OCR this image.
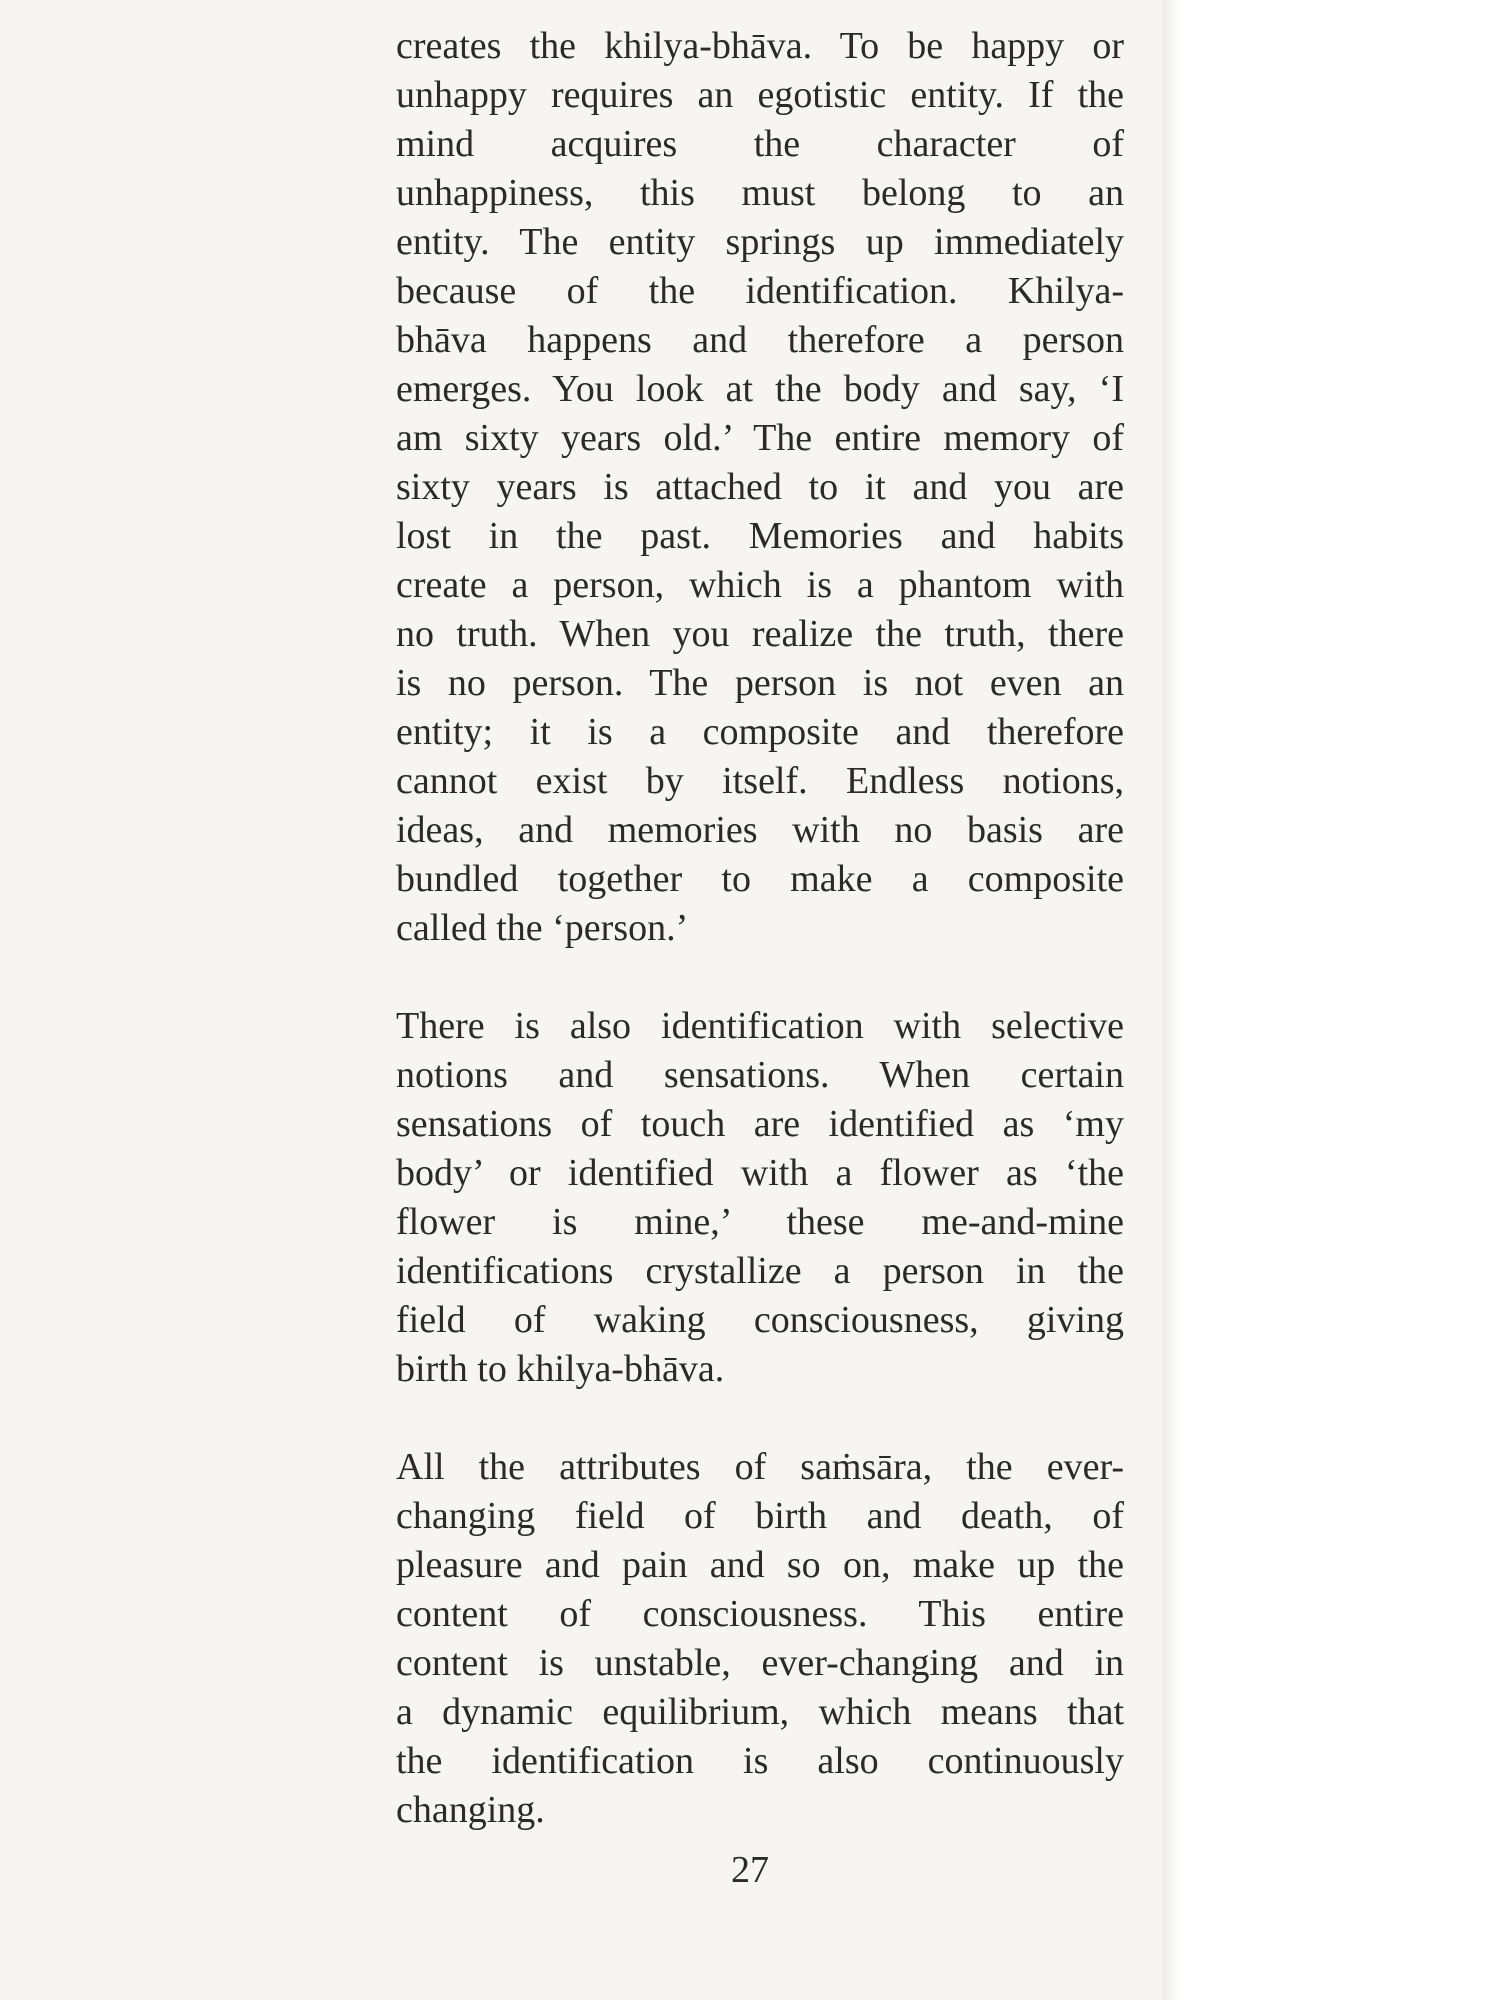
creates the khilya-bhāva. To be happy or
unhappy requires an egotistic entity. If the
mind acquires the character of
unhappiness, this must belong to an
entity. The entity springs up immediately
because of the identification. Khilya-
bhāva happens and therefore a person
emerges. You look at the body and say, ‘I
am sixty years old.’ The entire memory of
sixty years is attached to it and you are
lost in the past. Memories and habits
create a person, which is a phantom with
no truth. When you realize the truth, there
is no person. The person is not even an
entity; it is a composite and therefore
cannot exist by itself. Endless notions,
ideas, and memories with no basis are
bundled together to make a composite
called the ‘person.’
There is also identification with selective
notions and sensations. When certain
sensations of touch are identified as ‘my
body’ or identified with a flower as ‘the
flower is mine,’ these me-and-mine
identifications crystallize a person in the
field of waking consciousness, giving
birth to khilya-bhāva.
All the attributes of saṁsāra, the ever-
changing field of birth and death, of
pleasure and pain and so on, make up the
content of consciousness. This entire
content is unstable, ever-changing and in
a dynamic equilibrium, which means that
the identification is also continuously
changing.
27
